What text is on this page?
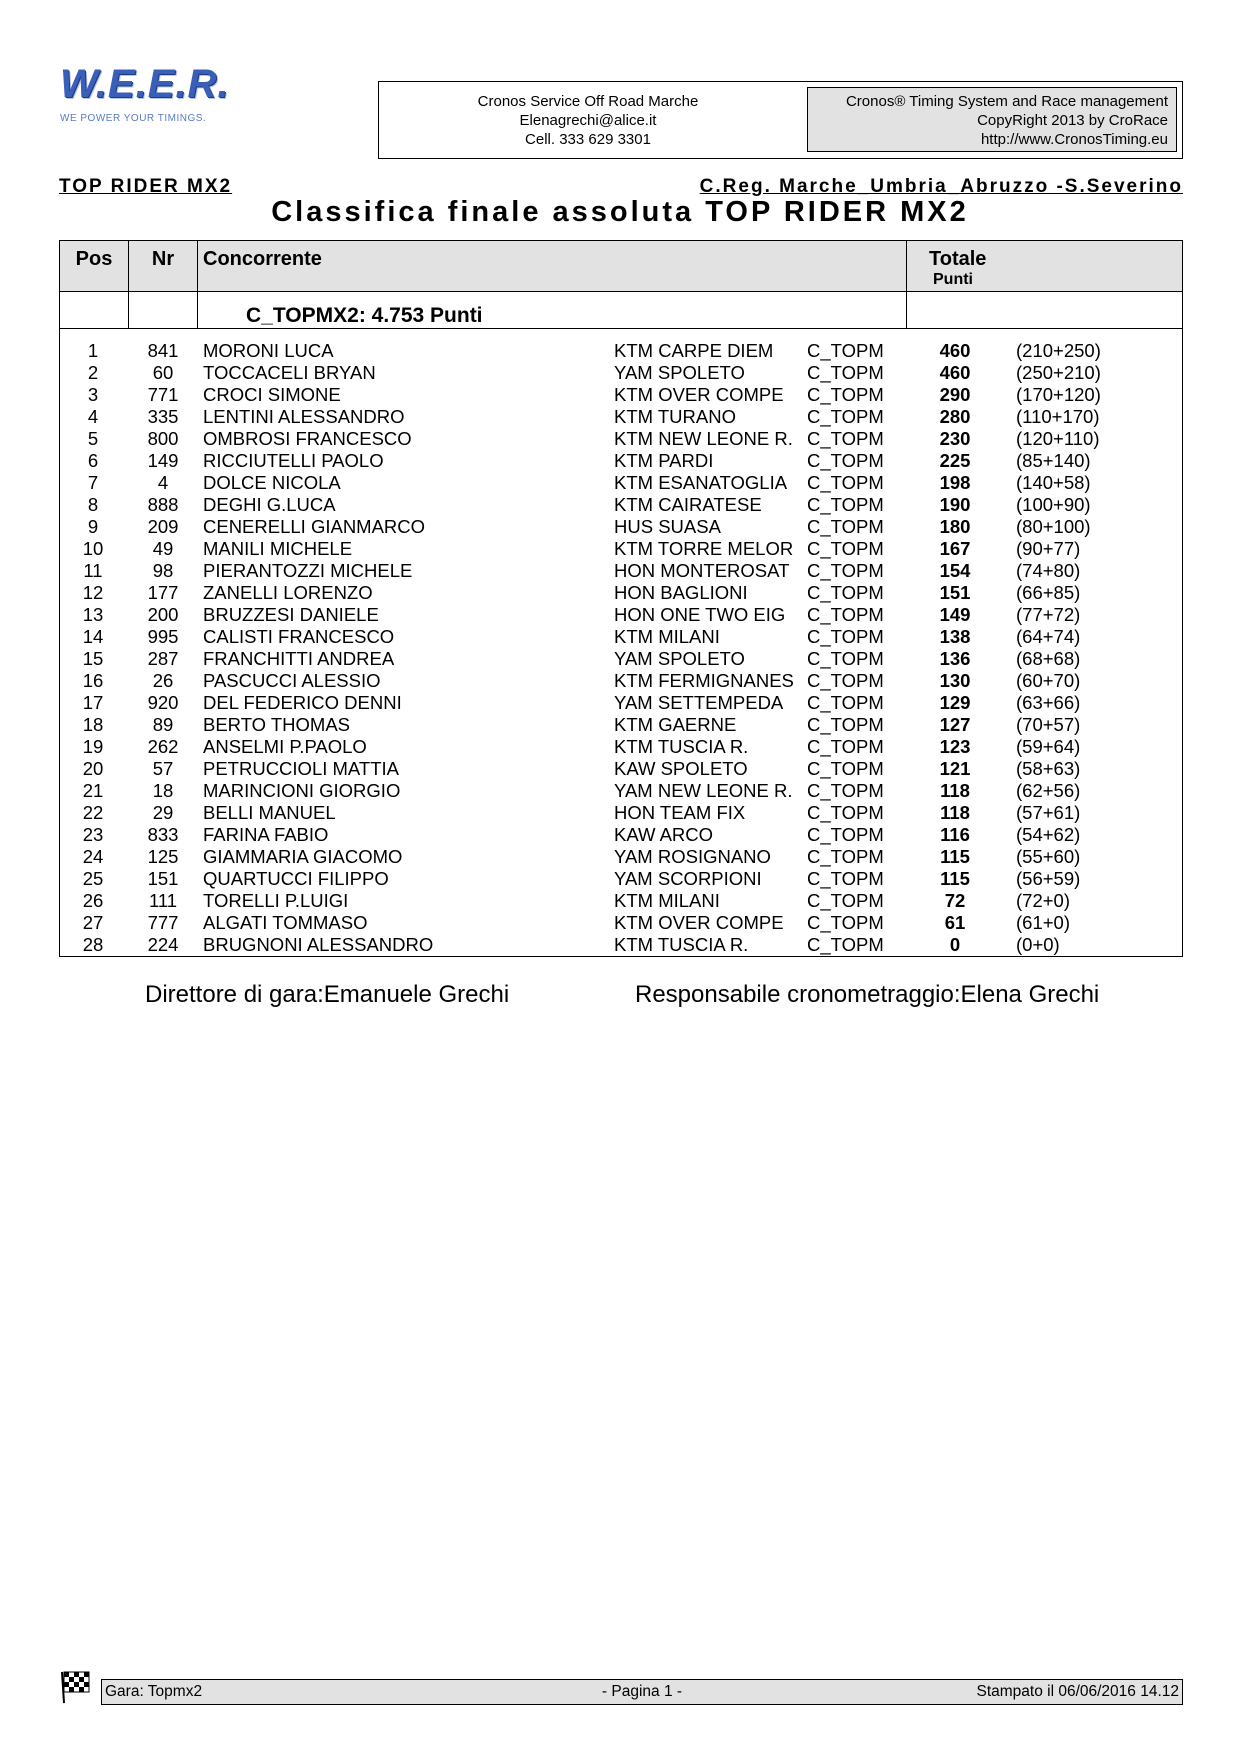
W.E.E.R.
WE POWER YOUR TIMINGS.
Cronos Service Off Road Marche
Elenagrechi@alice.it
Cell. 333 629 3301
Cronos® Timing System and Race management
CopyRight 2013 by CroRace
http://www.CronosTiming.eu
TOP RIDER MX2	C.Reg. Marche_Umbria_Abruzzo -S.Severino
Classifica finale assoluta TOP RIDER MX2
Pos	Nr	Concorrente	Totale
Punti
C_TOPMX2: 4.753 Punti
1	841	MORONI LUCA	KTM CARPE DIEM C_TOPM	460	(210+250)
2	60	TOCCACELI BRYAN	YAM SPOLETO	C_TOPM	460	(250+210)
3	771	CROCI SIMONE	KTM OVER COMPE C_TOPM	290	(170+120)
4	335	LENTINI ALESSANDRO	KTM TURANO	C_TOPM	280	(110+170)
5	800	OMBROSI FRANCESCO	KTM NEW LEONE R. C_TOPM	230	(120+110)
6	149	RICCIUTELLI PAOLO	KTM PARDI	C_TOPM	225	(85+140)
7	4	DOLCE NICOLA	KTM ESANATOGLIA C_TOPM	198	(140+58)
8	888	DEGHI G.LUCA	KTM CAIRATESE C_TOPM	190	(100+90)
9	209	CENERELLI GIANMARCO	HUS SUASA	C_TOPM	180	(80+100)
10	49	MANILI MICHELE	KTM TORRE MELOR C_TOPM	167	(90+77)
11	98	PIERANTOZZI MICHELE	HON MONTEROSAT C_TOPM	154	(74+80)
12	177	ZANELLI LORENZO	HON BAGLIONI	C_TOPM	151	(66+85)
13	200	BRUZZESI DANIELE	HON ONE TWO EIG C_TOPM	149	(77+72)
14	995	CALISTI FRANCESCO	KTM MILANI	C_TOPM	138	(64+74)
15	287	FRANCHITTI ANDREA	YAM SPOLETO	C_TOPM	136	(68+68)
16	26	PASCUCCI ALESSIO	KTM FERMIGNANES C_TOPM	130	(60+70)
17	920	DEL FEDERICO DENNI	YAM SETTEMPEDA C_TOPM	129	(63+66)
18	89	BERTO THOMAS	KTM GAERNE	C_TOPM	127	(70+57)
19	262	ANSELMI P.PAOLO	KTM TUSCIA R.	C_TOPM	123	(59+64)
20	57	PETRUCCIOLI MATTIA	KAW SPOLETO	C_TOPM	121	(58+63)
21	18	MARINCIONI GIORGIO	YAM NEW LEONE R. C_TOPM	118	(62+56)
22	29	BELLI MANUEL	HON TEAM FIX	C_TOPM	118	(57+61)
23	833	FARINA FABIO	KAW ARCO	C_TOPM	116	(54+62)
24	125	GIAMMARIA GIACOMO	YAM ROSIGNANO C_TOPM	115	(55+60)
25	151	QUARTUCCI FILIPPO	YAM SCORPIONI C_TOPM	115	(56+59)
26	111	TORELLI P.LUIGI	KTM MILANI	C_TOPM	72	(72+0)
27	777	ALGATI TOMMASO	KTM OVER COMPE C_TOPM	61	(61+0)
28	224	BRUGNONI ALESSANDRO	KTM TUSCIA R.	C_TOPM	0	(0+0)
Direttore di gara:Emanuele Grechi	Responsabile cronometraggio:Elena Grechi
Gara: Topmx2	- Pagina 1 -	Stampato il 06/06/2016 14.12
